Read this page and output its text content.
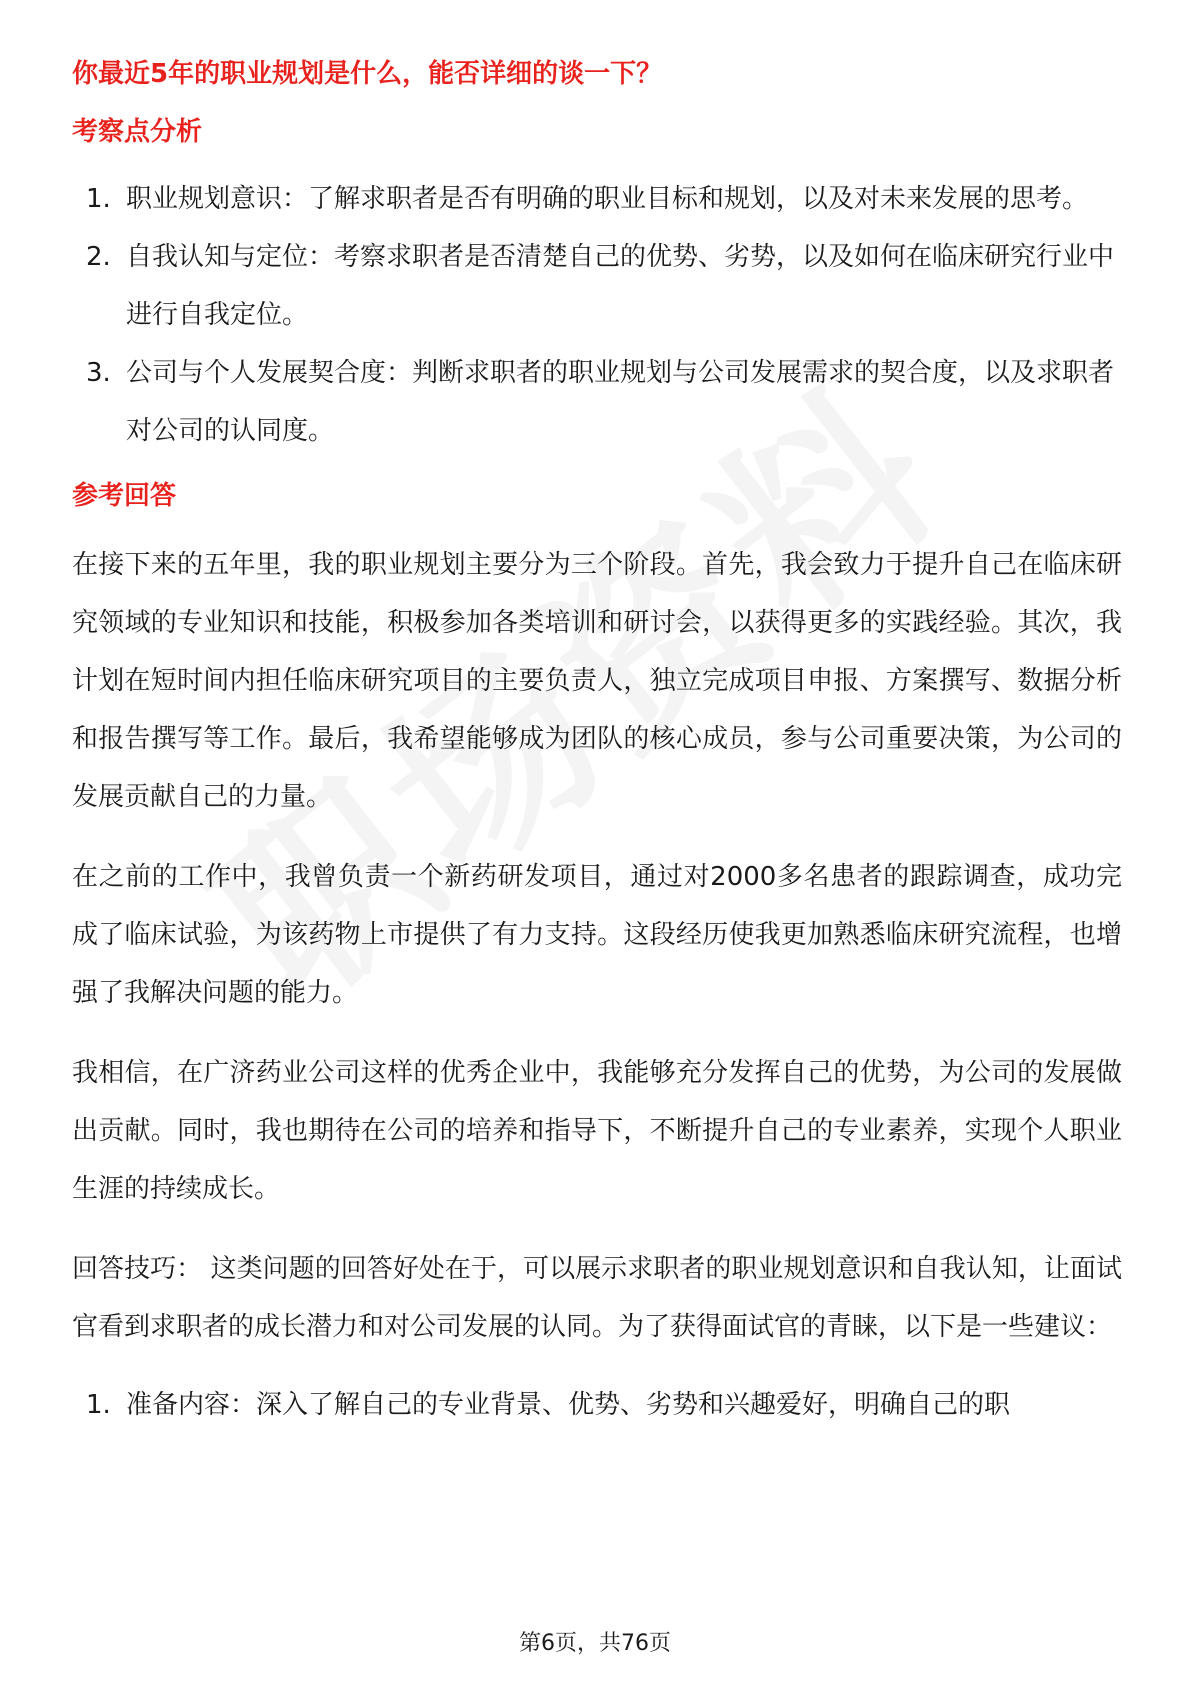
你最近5年的职业规划是什么，能否详细的谈一下？
考察点分析
1. 职业规划意识：了解求职者是否有明确的职业目标和规划，以及对未来发展的思考。
2. 自我认知与定位：考察求职者是否清楚自己的优势、劣势，以及如何在临床研究行业中进行自我定位。
3. 公司与个人发展契合度：判断求职者的职业规划与公司发展需求的契合度，以及求职者对公司的认同度。
参考回答

在接下来的五年里，我的职业规划主要分为三个阶段。首先，我会致力于提升自己在临床研究领域的专业知识和技能，积极参加各类培训和研讨会，以获得更多的实践经验。其次，我计划在短时间内担任临床研究项目的主要负责人，独立完成项目申报、方案撰写、数据分析和报告撰写等工作。最后，我希望能够成为团队的核心成员，参与公司重要决策，为公司的发展贡献自己的力量。

在之前的工作中，我曾负责一个新药研发项目，通过对2000多名患者的跟踪调查，成功完成了临床试验，为该药物上市提供了有力支持。这段经历使我更加熟悉临床研究流程，也增强了我解决问题的能力。

我相信，在广济药业公司这样的优秀企业中，我能够充分发挥自己的优势，为公司的发展做出贡献。同时，我也期待在公司的培养和指导下，不断提升自己的专业素养，实现个人职业生涯的持续成长。

回答技巧： 这类问题的回答好处在于，可以展示求职者的职业规划意识和自我认知，让面试官看到求职者的成长潜力和对公司发展的认同。为了获得面试官的青睐，以下是一些建议：

1. 准备内容：深入了解自己的专业背景、优势、劣势和兴趣爱好，明确自己的职
第6页，共76页
